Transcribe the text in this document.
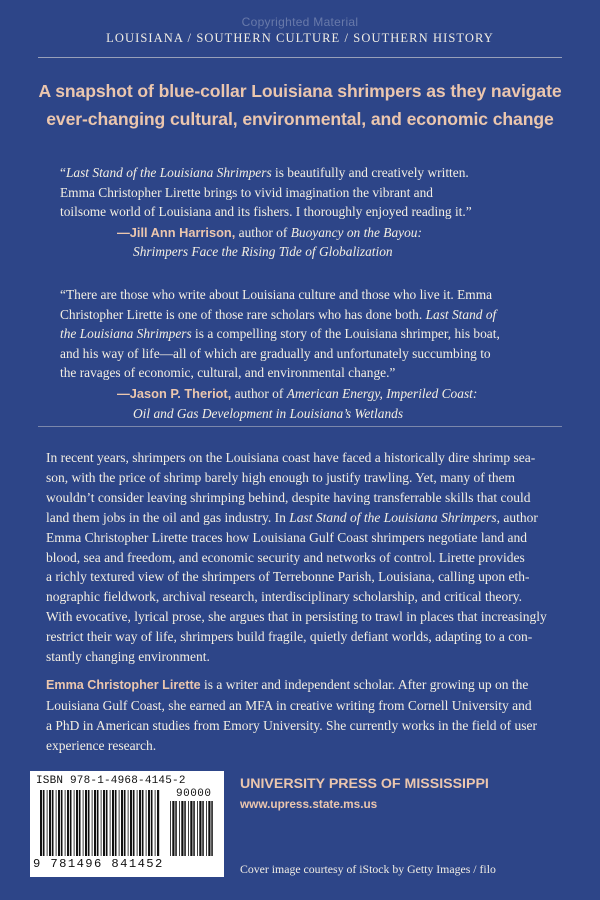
Copyrighted Material
LOUISIANA / SOUTHERN CULTURE / SOUTHERN HISTORY
A snapshot of blue-collar Louisiana shrimpers as they navigate
ever-changing cultural, environmental, and economic change
“Last Stand of the Louisiana Shrimpers is beautifully and creatively written.
Emma Christopher Lirette brings to vivid imagination the vibrant and
toilsome world of Louisiana and its fishers. I thoroughly enjoyed reading it.”
—Jill Ann Harrison, author of Buoyancy on the Bayou:
Shrimpers Face the Rising Tide of Globalization
“There are those who write about Louisiana culture and those who live it. Emma
Christopher Lirette is one of those rare scholars who has done both. Last Stand of
the Louisiana Shrimpers is a compelling story of the Louisiana shrimper, his boat,
and his way of life—all of which are gradually and unfortunately succumbing to
the ravages of economic, cultural, and environmental change.”
—Jason P. Theriot, author of American Energy, Imperiled Coast:
Oil and Gas Development in Louisiana’s Wetlands
In recent years, shrimpers on the Louisiana coast have faced a historically dire shrimp sea-
son, with the price of shrimp barely high enough to justify trawling. Yet, many of them
wouldn’t consider leaving shrimping behind, despite having transferrable skills that could
land them jobs in the oil and gas industry. In Last Stand of the Louisiana Shrimpers, author
Emma Christopher Lirette traces how Louisiana Gulf Coast shrimpers negotiate land and
blood, sea and freedom, and economic security and networks of control. Lirette provides
a richly textured view of the shrimpers of Terrebonne Parish, Louisiana, calling upon eth-
nographic fieldwork, archival research, interdisciplinary scholarship, and critical theory.
With evocative, lyrical prose, she argues that in persisting to trawl in places that increasingly
restrict their way of life, shrimpers build fragile, quietly defiant worlds, adapting to a con-
stantly changing environment.
Emma Christopher Lirette is a writer and independent scholar. After growing up on the
Louisiana Gulf Coast, she earned an MFA in creative writing from Cornell University and
a PhD in American studies from Emory University. She currently works in the field of user
experience research.
ISBN 978-1-4968-4145-2
90000
9 781496 841452
UNIVERSITY PRESS OF MISSISSIPPI
www.upress.state.ms.us
Cover image courtesy of iStock by Getty Images / filo
